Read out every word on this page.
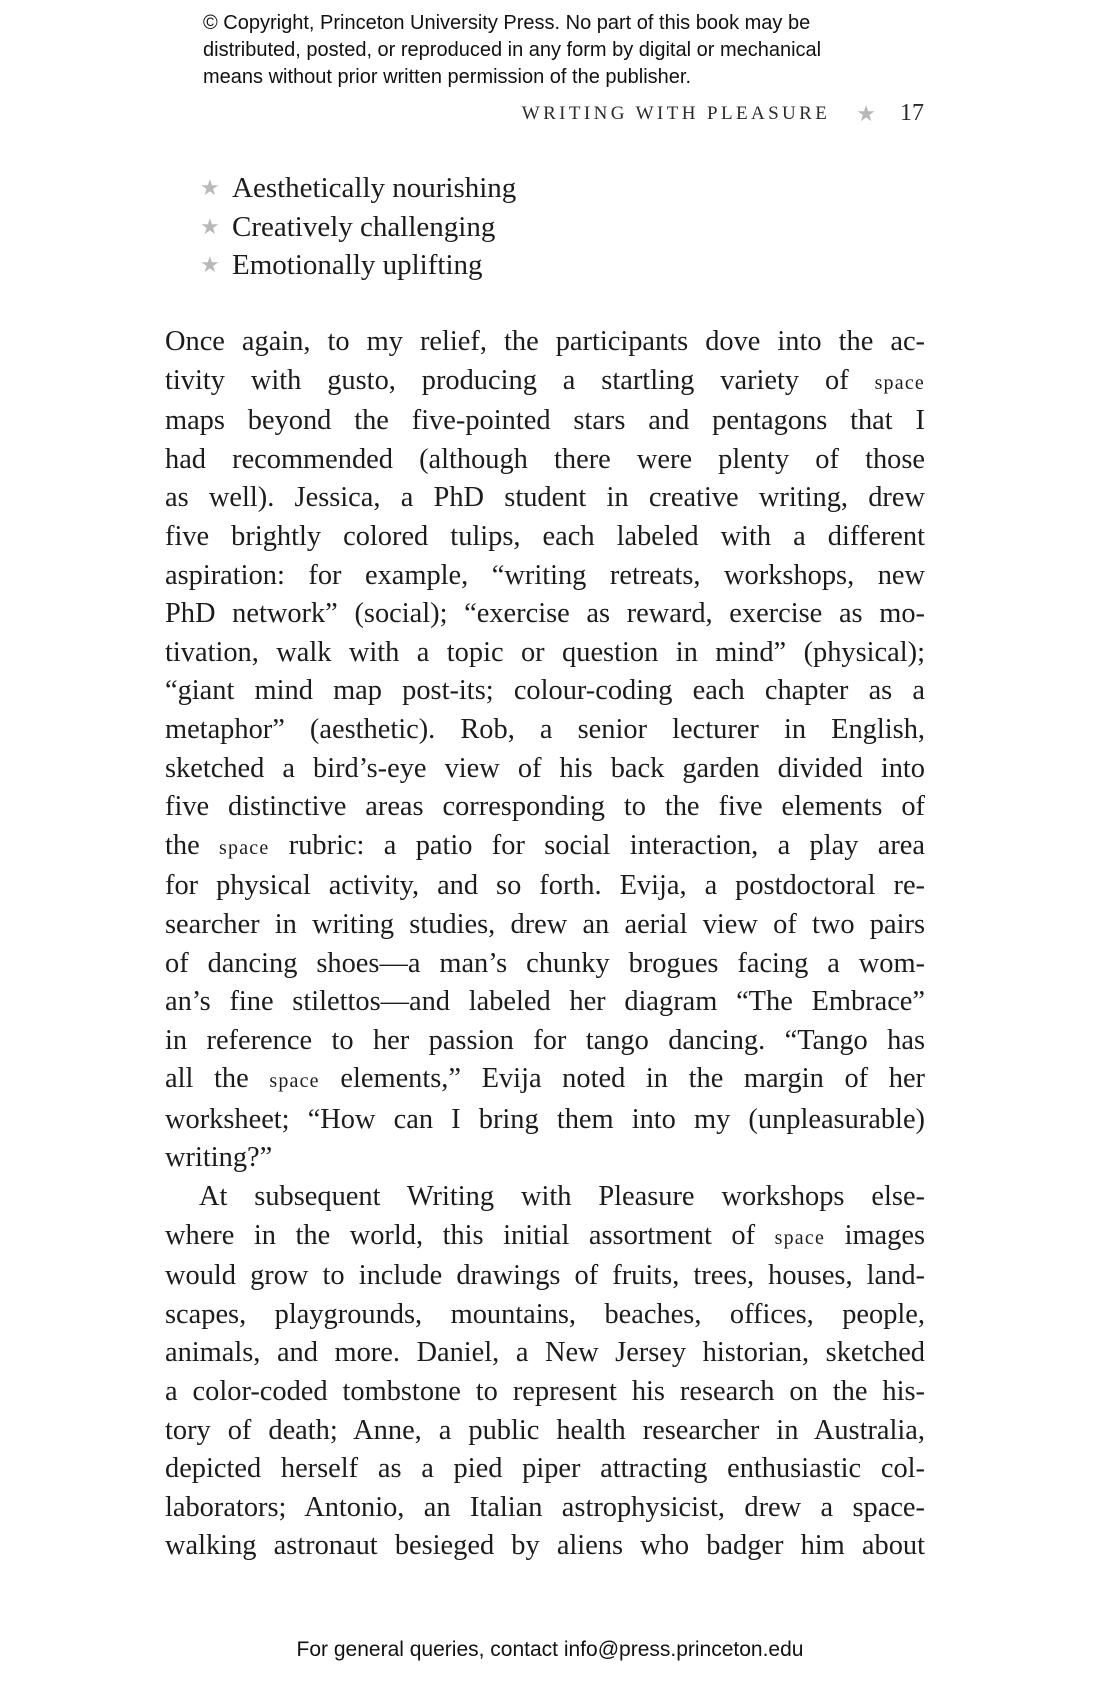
© Copyright, Princeton University Press. No part of this book may be
distributed, posted, or reproduced in any form by digital or mechanical
means without prior written permission of the publisher.
WRITING WITH PLEASURE ★ 17
★ Aesthetically nourishing
★ Creatively challenging
★ Emotionally uplifting
Once again, to my relief, the participants dove into the ac-
tivity with gusto, producing a startling variety of space
maps beyond the five-pointed stars and pentagons that I
had recommended (although there were plenty of those
as well). Jessica, a PhD student in creative writing, drew
five brightly colored tulips, each labeled with a different
aspiration: for example, “writing retreats, workshops, new
PhD network” (social); “exercise as reward, exercise as mo-
tivation, walk with a topic or question in mind” (physical);
“giant mind map post-its; colour-coding each chapter as a
metaphor” (aesthetic). Rob, a senior lecturer in English,
sketched a bird’s-eye view of his back garden divided into
five distinctive areas corresponding to the five elements of
the space rubric: a patio for social interaction, a play area
for physical activity, and so forth. Evija, a postdoctoral re-
searcher in writing studies, drew an aerial view of two pairs
of dancing shoes—a man’s chunky brogues facing a wom-
an’s fine stilettos—and labeled her diagram “The Embrace”
in reference to her passion for tango dancing. “Tango has
all the space elements,” Evija noted in the margin of her
worksheet; “How can I bring them into my (unpleasurable)
writing?”
At subsequent Writing with Pleasure workshops else-
where in the world, this initial assortment of space images
would grow to include drawings of fruits, trees, houses, land-
scapes, playgrounds, mountains, beaches, offices, people,
animals, and more. Daniel, a New Jersey historian, sketched
a color-coded tombstone to represent his research on the his-
tory of death; Anne, a public health researcher in Australia,
depicted herself as a pied piper attracting enthusiastic col-
laborators; Antonio, an Italian astrophysicist, drew a space-
walking astronaut besieged by aliens who badger him about
For general queries, contact info@press.princeton.edu
